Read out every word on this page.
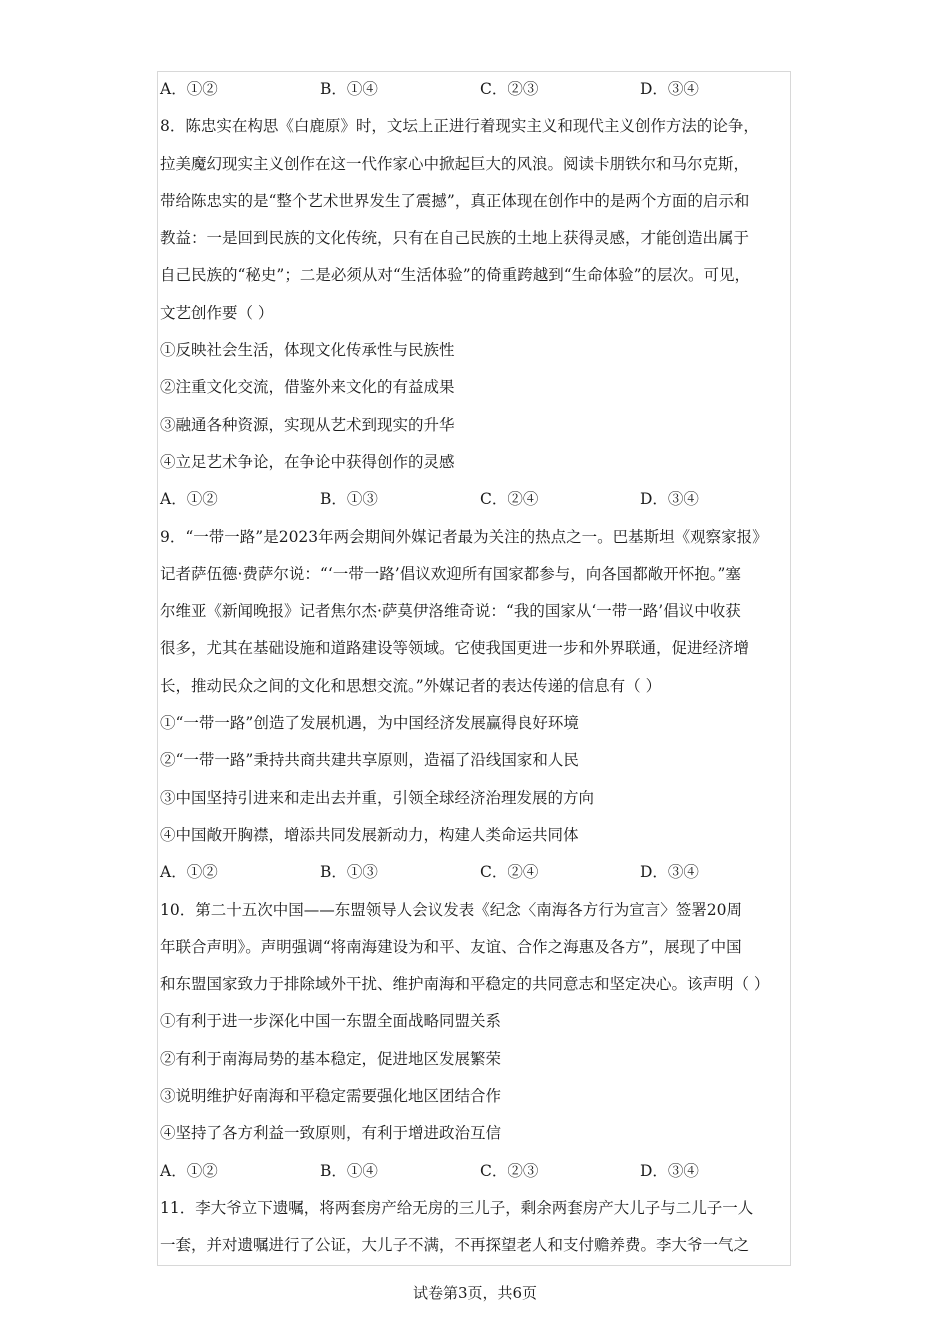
A．①②	B．①④	C．②③	D．③④
8．陈忠实在构思《白鹿原》时，文坛上正进行着现实主义和现代主义创作方法的论争，
拉美魔幻现实主义创作在这一代作家心中掀起巨大的风浪。阅读卡朋铁尔和马尔克斯，
带给陈忠实的是“整个艺术世界发生了震撼”，真正体现在创作中的是两个方面的启示和
教益：一是回到民族的文化传统，只有在自己民族的土地上获得灵感，才能创造出属于
自己民族的“秘史”；二是必须从对“生活体验”的倚重跨越到“生命体验”的层次。可见，
文艺创作要（ ）
①反映社会生活，体现文化传承性与民族性
②注重文化交流，借鉴外来文化的有益成果
③融通各种资源，实现从艺术到现实的升华
④立足艺术争论，在争论中获得创作的灵感
A．①②	B．①③	C．②④	D．③④
9．“一带一路”是2023年两会期间外媒记者最为关注的热点之一。巴基斯坦《观察家报》
记者萨伍德·费萨尔说：“‘一带一路’倡议欢迎所有国家都参与，向各国都敞开怀抱。”塞
尔维亚《新闻晚报》记者焦尔杰·萨莫伊洛维奇说：“我的国家从‘一带一路’倡议中收获
很多，尤其在基础设施和道路建设等领域。它使我国更进一步和外界联通，促进经济增
长，推动民众之间的文化和思想交流。”外媒记者的表达传递的信息有（ ）
①“一带一路”创造了发展机遇，为中国经济发展赢得良好环境
②“一带一路”秉持共商共建共享原则，造福了沿线国家和人民
③中国坚持引进来和走出去并重，引领全球经济治理发展的方向
④中国敞开胸襟，增添共同发展新动力，构建人类命运共同体
A．①②	B．①③	C．②④	D．③④
10．第二十五次中国——东盟领导人会议发表《纪念〈南海各方行为宣言〉签署20周
年联合声明》。声明强调“将南海建设为和平、友谊、合作之海惠及各方”，展现了中国
和东盟国家致力于排除域外干扰、维护南海和平稳定的共同意志和坚定决心。该声明（ ）
①有利于进一步深化中国一东盟全面战略同盟关系
②有利于南海局势的基本稳定，促进地区发展繁荣
③说明维护好南海和平稳定需要强化地区团结合作
④坚持了各方利益一致原则，有利于增进政治互信
A．①②	B．①④	C．②③	D．③④
11．李大爷立下遗嘱，将两套房产给无房的三儿子，剩余两套房产大儿子与二儿子一人
一套，并对遗嘱进行了公证，大儿子不满，不再探望老人和支付赡养费。李大爷一气之
试卷第3页，共6页
